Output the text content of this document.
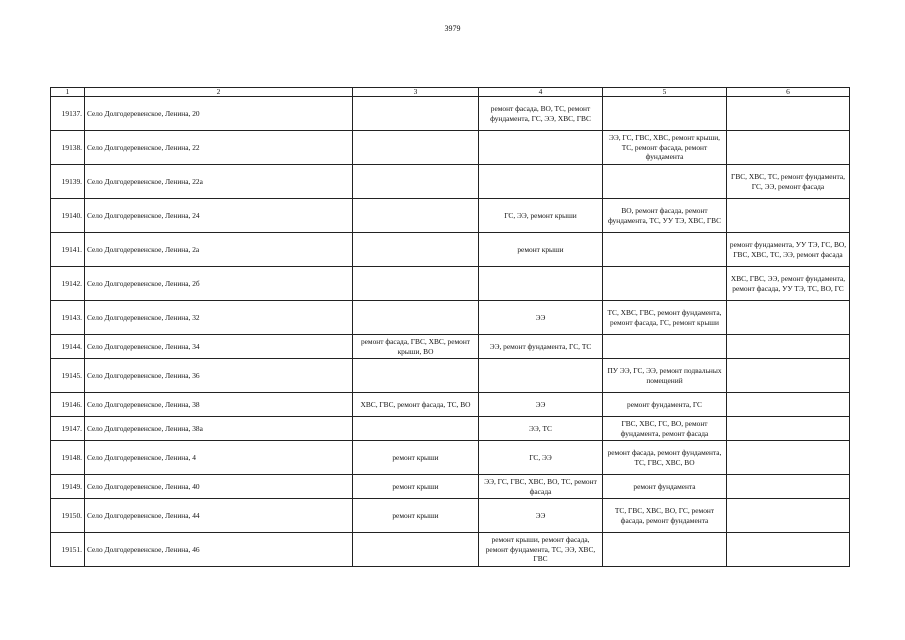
3979
1	2	3	4	5	6
19137.	Село Долгодеревенское, Ленина, 20		ремонт фасада, ВО, ТС, ремонт фундамента, ГС, ЭЭ, ХВС, ГВС		
19138.	Село Долгодеревенское, Ленина, 22			ЭЭ, ГС, ГВС, ХВС, ремонт крыши, ТС, ремонт фасада, ремонт фундамента	
19139.	Село Долгодеревенское, Ленина, 22а				ГВС, ХВС, ТС, ремонт фундамента, ГС, ЭЭ, ремонт фасада
19140.	Село Долгодеревенское, Ленина, 24		ГС, ЭЭ, ремонт крыши	ВО, ремонт фасада, ремонт фундамента, ТС, УУ ТЭ, ХВС, ГВС	
19141.	Село Долгодеревенское, Ленина, 2а		ремонт крыши		ремонт фундамента, УУ ТЭ, ГС, ВО, ГВС, ХВС, ТС, ЭЭ, ремонт фасада
19142.	Село Долгодеревенское, Ленина, 2б				ХВС, ГВС, ЭЭ, ремонт фундамента, ремонт фасада, УУ ТЭ, ТС, ВО, ГС
19143.	Село Долгодеревенское, Ленина, 32		ЭЭ	ТС, ХВС, ГВС, ремонт фундамента, ремонт фасада, ГС, ремонт крыши	
19144.	Село Долгодеревенское, Ленина, 34	ремонт фасада, ГВС, ХВС, ремонт крыши, ВО	ЭЭ, ремонт фундамента, ГС, ТС		
19145.	Село Долгодеревенское, Ленина, 36			ПУ ЭЭ, ГС, ЭЭ, ремонт подвальных помещений	
19146.	Село Долгодеревенское, Ленина, 38	ХВС, ГВС, ремонт фасада, ТС, ВО	ЭЭ	ремонт фундамента, ГС	
19147.	Село Долгодеревенское, Ленина, 38а		ЭЭ, ТС	ГВС, ХВС, ГС, ВО, ремонт фундамента, ремонт фасада	
19148.	Село Долгодеревенское, Ленина, 4	ремонт крыши	ГС, ЭЭ	ремонт фасада, ремонт фундамента, ТС, ГВС, ХВС, ВО	
19149.	Село Долгодеревенское, Ленина, 40	ремонт крыши	ЭЭ, ГС, ГВС, ХВС, ВО, ТС, ремонт фасада	ремонт фундамента	
19150.	Село Долгодеревенское, Ленина, 44	ремонт крыши	ЭЭ	ТС, ГВС, ХВС, ВО, ГС, ремонт фасада, ремонт фундамента	
19151.	Село Долгодеревенское, Ленина, 46		ремонт крыши, ремонт фасада, ремонт фундамента, ТС, ЭЭ, ХВС, ГВС		
